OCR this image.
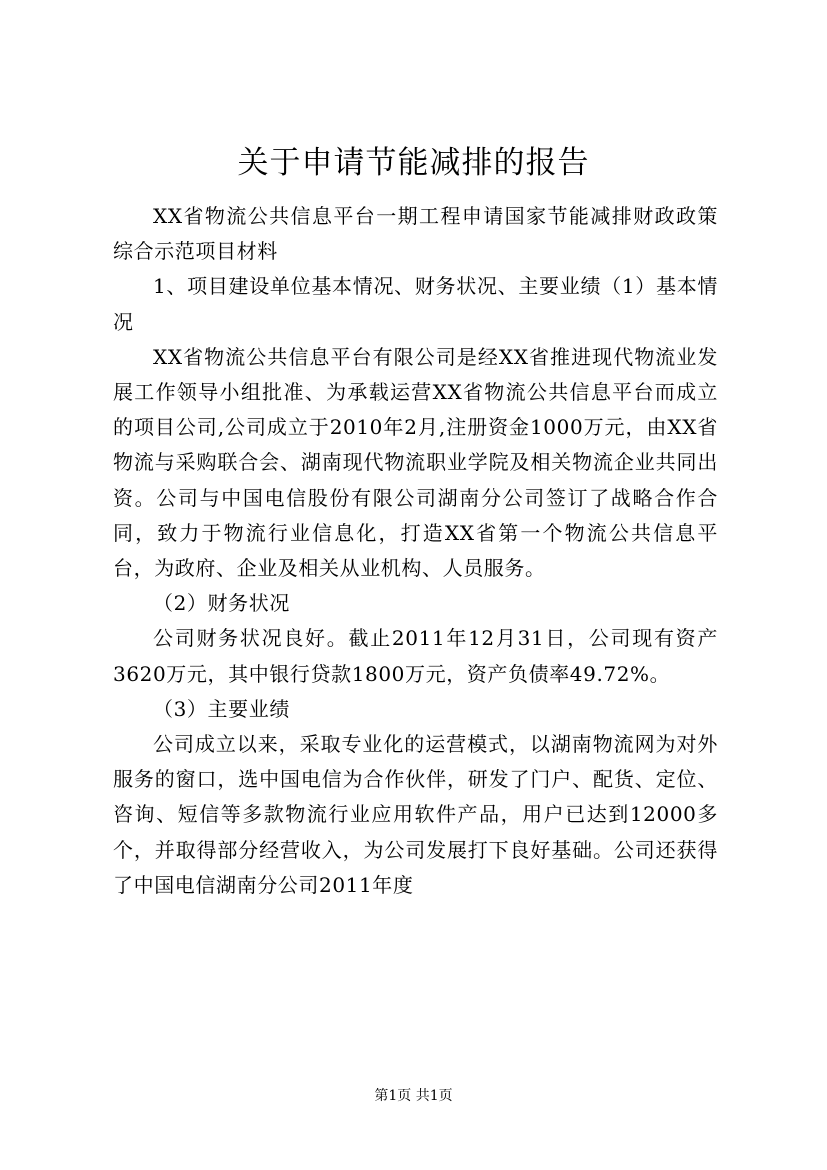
关于申请节能减排的报告

XX省物流公共信息平台一期工程申请国家节能减排财政政策综合示范项目材料

1、项目建设单位基本情况、财务状况、主要业绩（1）基本情况

XX省物流公共信息平台有限公司是经XX省推进现代物流业发展工作领导小组批准、为承载运营XX省物流公共信息平台而成立的项目公司,公司成立于2010年2月,注册资金1000万元，由XX省物流与采购联合会、湖南现代物流职业学院及相关物流企业共同出资。公司与中国电信股份有限公司湖南分公司签订了战略合作合同，致力于物流行业信息化，打造XX省第一个物流公共信息平台，为政府、企业及相关从业机构、人员服务。

（2）财务状况

公司财务状况良好。截止2011年12月31日，公司现有资产3620万元，其中银行贷款1800万元，资产负债率49.72%。

（3）主要业绩

公司成立以来，采取专业化的运营模式，以湖南物流网为对外服务的窗口，选中国电信为合作伙伴，研发了门户、配货、定位、咨询、短信等多款物流行业应用软件产品，用户已达到12000多个，并取得部分经营收入，为公司发展打下良好基础。公司还获得了中国电信湖南分公司2011年度

第1页 共1页
